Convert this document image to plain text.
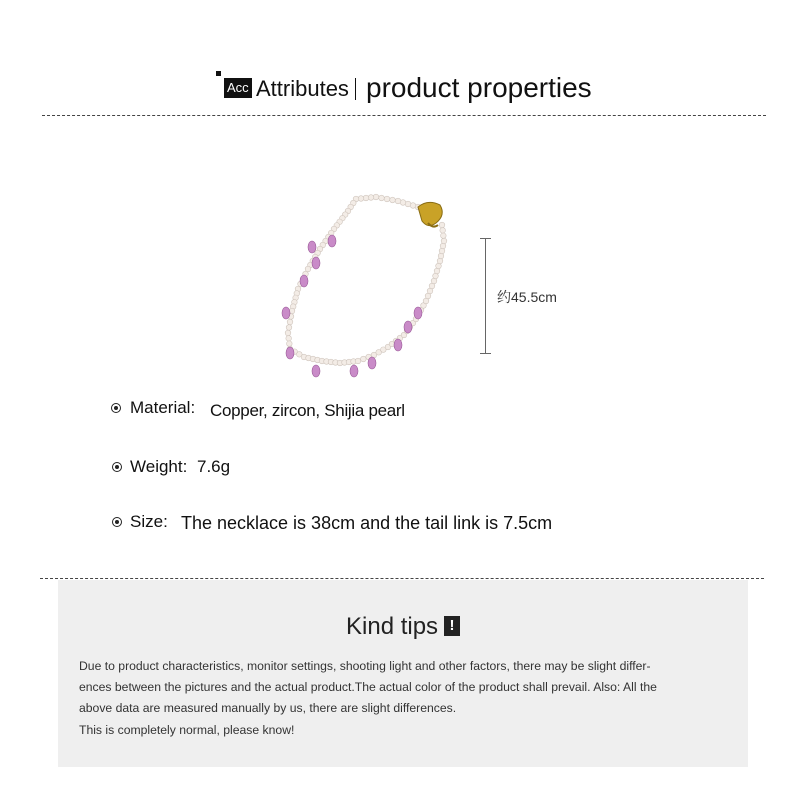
Acc Attributes product properties
约45.5cm
Material: Copper, zircon, Shijia pearl
Weight: 7.6g
Size: The necklace is 38cm and the tail link is 7.5cm
Kind tips !
Due to product characteristics, monitor settings, shooting light and other factors, there may be slight differ-
ences between the pictures and the actual product.The actual color of the product shall prevail. Also: All the
above data are measured manually by us, there are slight differences.
This is completely normal, please know!
